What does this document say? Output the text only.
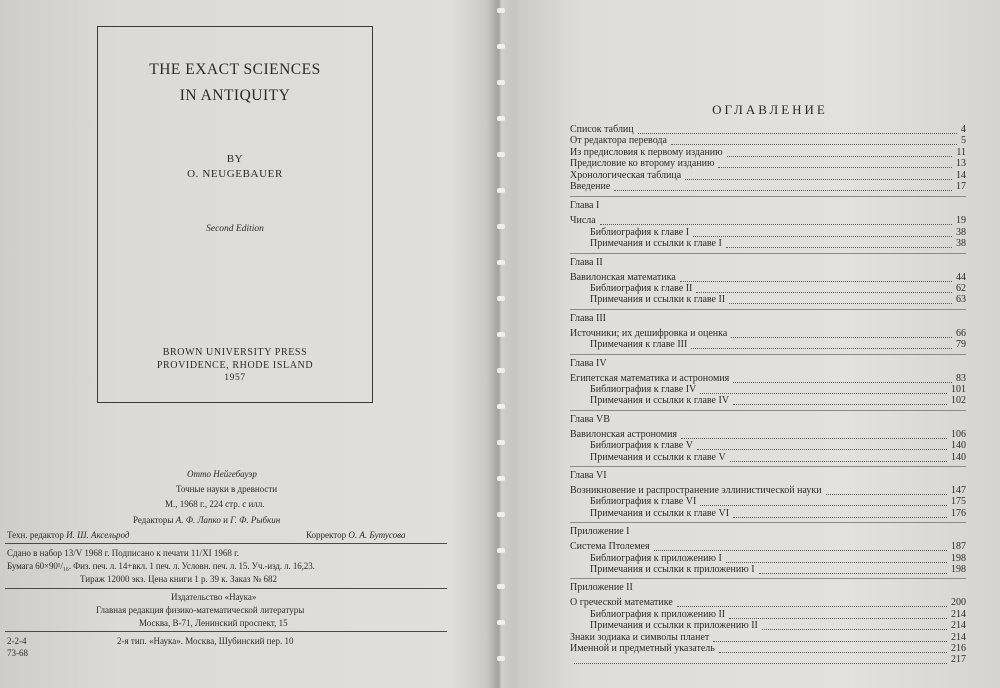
THE EXACT SCIENCES
IN ANTIQUITY
BY
O. NEUGEBAUER
Second Edition
BROWN UNIVERSITY PRESS
PROVIDENCE, RHODE ISLAND
1957
Отто Нейгебауэр
Точные науки в древности
М., 1968 г., 224 стр. с илл.
Редакторы А. Ф. Лапко и Г. Ф. Рыбкин
Техн. редактор И. Ш. Аксельрод	Корректор О. А. Бутусова
Сдано в набор 13/V 1968 г. Подписано к печати 11/XI 1968 г.
Бумага 60×90¹/₁₆. Физ. печ. л. 14+вкл. 1 печ. л. Условн. печ. л. 15. Уч.-изд. л. 16,23.
Тираж 12000 экз. Цена книги 1 р. 39 к. Заказ № 682
Издательство «Наука»
Главная редакция физико-математической литературы
Москва, В-71, Ленинский проспект, 15
2-2-4
73-68
2-я тип. «Наука». Москва, Шубинский пер. 10
ОГЛАВЛЕНИЕ
Список таблиц	4
От редактора перевода	5
Из предисловия к первому изданию	11
Предисловие ко второму изданию	13
Хронологическая таблица	14
Введение	17
Глава I
Числа	19
Библиография к главе I	38
Примечания и ссылки к главе I	38
Глава II
Вавилонская математика	44
Библиография к главе II	62
Примечания и ссылки к главе II	63
Глава III
Источники; их дешифровка и оценка	66
Примечания к главе III	79
Глава IV
Египетская математика и астрономия	83
Библиография к главе IV	101
Примечания и ссылки к главе IV	102
Глава VB
Вавилонская астрономия	106
Библиография к главе V	140
Примечания и ссылки к главе V	140
Глава VI
Возникновение и распространение эллинистической науки	147
Библиография к главе VI	175
Примечания и ссылки к главе VI	176
Приложение I
Система Птолемея	187
Библиография к приложению I	198
Примечания и ссылки к приложению I	198
Приложение II
О греческой математике	200
Библиография к приложению II	214
Примечания и ссылки к приложению II	214
Знаки зодиака и символы планет	214
Именной и предметный указатель	216
217
